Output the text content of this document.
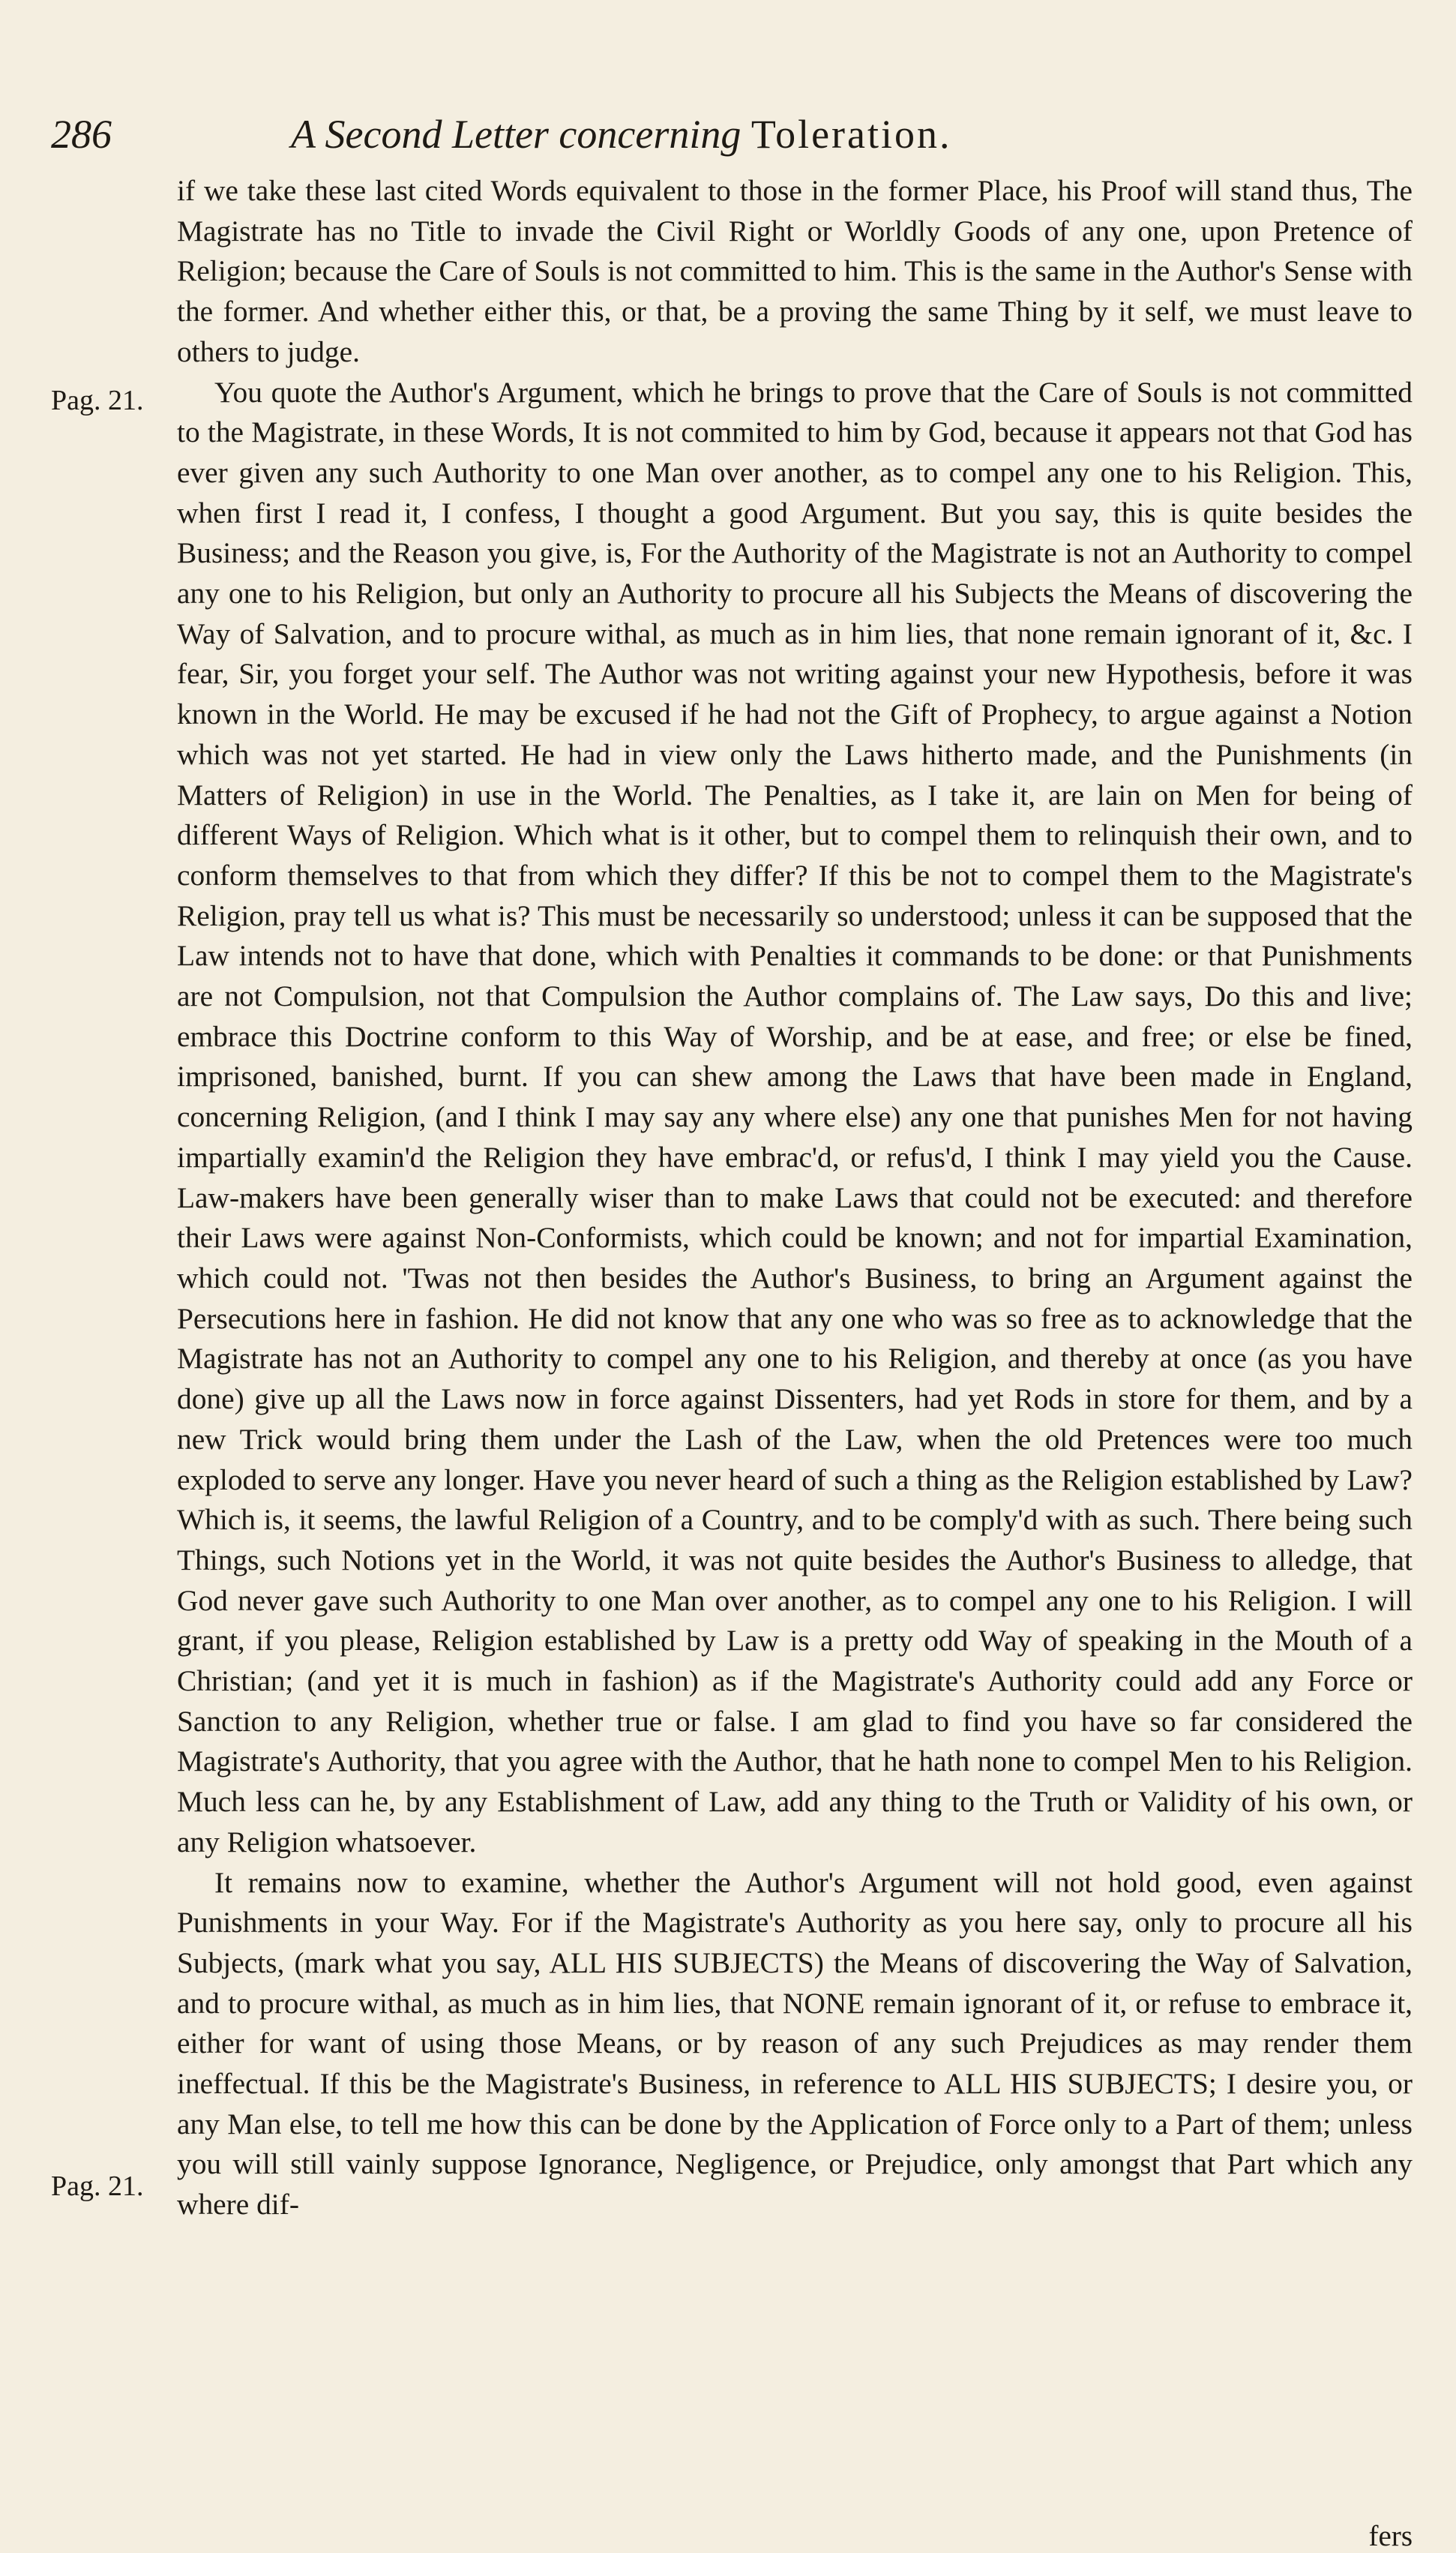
286	A Second Letter concerning Toleration.
Pag. 21.
Pag. 21.

if we take these last cited Words equivalent to those in the former Place, his Proof will stand thus, The Magistrate has no Title to invade the Civil Right or Worldly Goods of any one, upon Pretence of Religion; because the Care of Souls is not committed to him. This is the same in the Author's Sense with the former. And whether either this, or that, be a proving the same Thing by it self, we must leave to others to judge.

You quote the Author's Argument, which he brings to prove that the Care of Souls is not committed to the Magistrate, in these Words, It is not commited to him by God, because it appears not that God has ever given any such Authority to one Man over another, as to compel any one to his Religion. This, when first I read it, I confess, I thought a good Argument. But you say, this is quite besides the Business; and the Reason you give, is, For the Authority of the Magistrate is not an Authority to compel any one to his Religion, but only an Authority to procure all his Subjects the Means of discovering the Way of Salvation, and to procure withal, as much as in him lies, that none remain ignorant of it, &c. I fear, Sir, you forget your self. The Author was not writing against your new Hypothesis, before it was known in the World. He may be excused if he had not the Gift of Prophecy, to argue against a Notion which was not yet started. He had in view only the Laws hitherto made, and the Punishments (in Matters of Religion) in use in the World. The Penalties, as I take it, are lain on Men for being of different Ways of Religion. Which what is it other, but to compel them to relinquish their own, and to conform themselves to that from which they differ? If this be not to compel them to the Magistrate's Religion, pray tell us what is? This must be necessarily so understood; unless it can be supposed that the Law intends not to have that done, which with Penalties it commands to be done: or that Punishments are not Compulsion, not that Compulsion the Author complains of. The Law says, Do this and live; embrace this Doctrine conform to this Way of Worship, and be at ease, and free; or else be fined, imprisoned, banished, burnt. If you can shew among the Laws that have been made in England, concerning Religion, (and I think I may say any where else) any one that punishes Men for not having impartially examin'd the Religion they have embrac'd, or refus'd, I think I may yield you the Cause. Law-makers have been generally wiser than to make Laws that could not be executed: and therefore their Laws were against Non-Conformists, which could be known; and not for impartial Examination, which could not. 'Twas not then besides the Author's Business, to bring an Argument against the Persecutions here in fashion. He did not know that any one who was so free as to acknowledge that the Magistrate has not an Authority to compel any one to his Religion, and thereby at once (as you have done) give up all the Laws now in force against Dissenters, had yet Rods in store for them, and by a new Trick would bring them under the Lash of the Law, when the old Pretences were too much exploded to serve any longer. Have you never heard of such a thing as the Religion established by Law? Which is, it seems, the lawful Religion of a Country, and to be comply'd with as such. There being such Things, such Notions yet in the World, it was not quite besides the Author's Business to alledge, that God never gave such Authority to one Man over another, as to compel any one to his Religion. I will grant, if you please, Religion established by Law is a pretty odd Way of speaking in the Mouth of a Christian; (and yet it is much in fashion) as if the Magistrate's Authority could add any Force or Sanction to any Religion, whether true or false. I am glad to find you have so far considered the Magistrate's Authority, that you agree with the Author, that he hath none to compel Men to his Religion. Much less can he, by any Establishment of Law, add any thing to the Truth or Validity of his own, or any Religion whatsoever.

It remains now to examine, whether the Author's Argument will not hold good, even against Punishments in your Way. For if the Magistrate's Authority as you here say, only to procure all his Subjects, (mark what you say, ALL HIS SUBJECTS) the Means of discovering the Way of Salvation, and to procure withal, as much as in him lies, that NONE remain ignorant of it, or refuse to embrace it, either for want of using those Means, or by reason of any such Prejudices as may render them ineffectual. If this be the Magistrate's Business, in reference to ALL HIS SUBJECTS; I desire you, or any Man else, to tell me how this can be done by the Application of Force only to a Part of them; unless you will still vainly suppose Ignorance, Negligence, or Prejudice, only amongst that Part which any where dif-

fers
